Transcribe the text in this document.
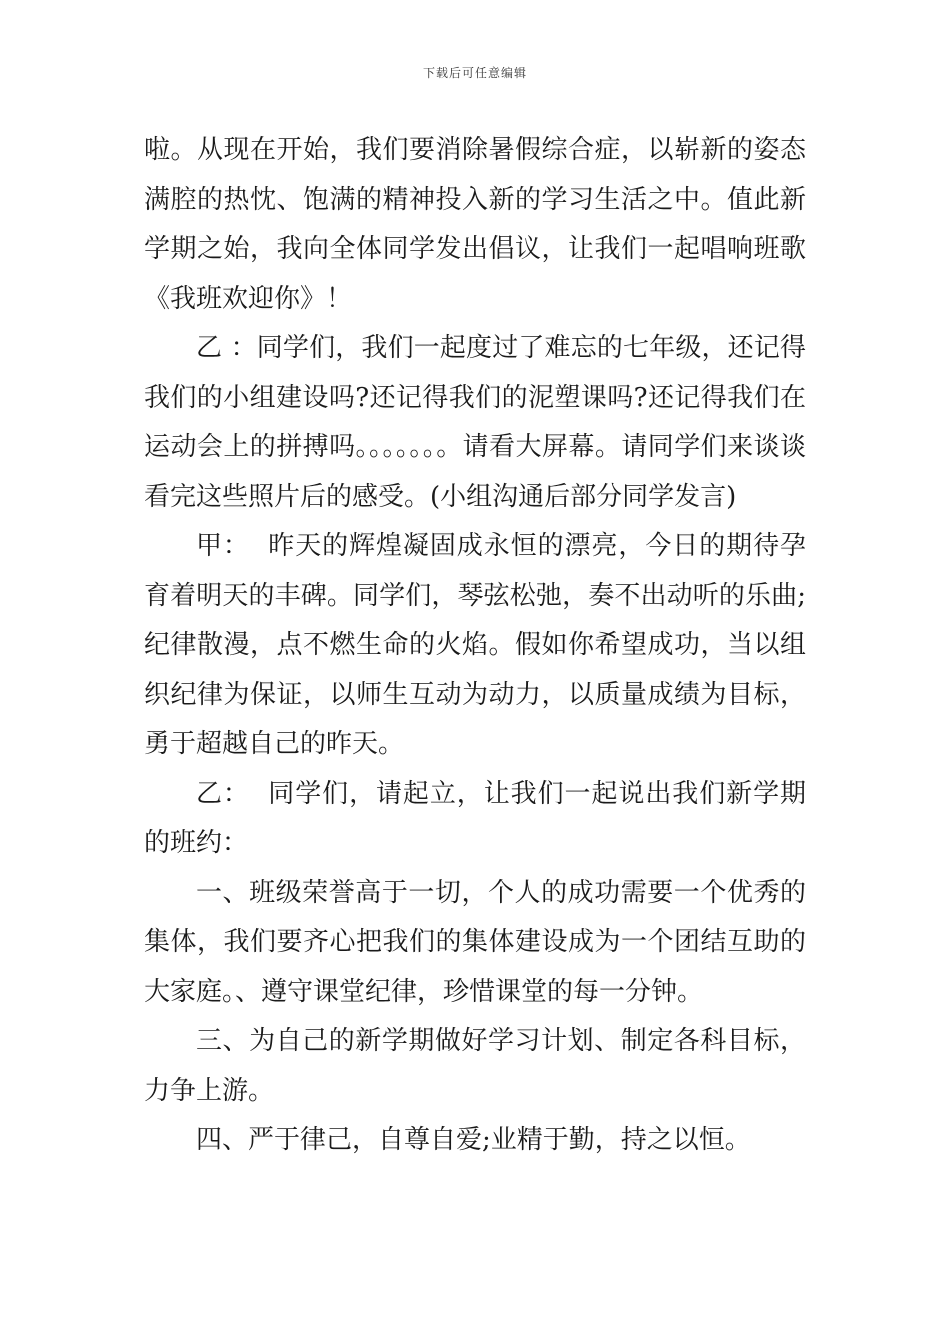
下载后可任意编辑

啦。从现在开始，我们要消除暑假综合症，以崭新的姿态满腔的热忱、饱满的精神投入新的学习生活之中。值此新学期之始，我向全体同学发出倡议，让我们一起唱响班歌《我班欢迎你》！

乙 ：同学们，我们一起度过了难忘的七年级，还记得我们的小组建设吗?还记得我们的泥塑课吗?还记得我们在运动会上的拼搏吗。。。。。。。请看大屏幕。请同学们来谈谈看完这些照片后的感受。(小组沟通后部分同学发言)

甲：  昨天的辉煌凝固成永恒的漂亮，今日的期待孕育着明天的丰碑。同学们，琴弦松弛，奏不出动听的乐曲;纪律散漫，点不燃生命的火焰。假如你希望成功，当以组织纪律为保证，以师生互动为动力，以质量成绩为目标，勇于超越自己的昨天。

乙：  同学们，请起立，让我们一起说出我们新学期的班约：

一、班级荣誉高于一切，个人的成功需要一个优秀的集体，我们要齐心把我们的集体建设成为一个团结互助的大家庭。、遵守课堂纪律，珍惜课堂的每一分钟。

三、为自己的新学期做好学习计划、制定各科目标，力争上游。

四、严于律己，自尊自爱;业精于勤，持之以恒。
